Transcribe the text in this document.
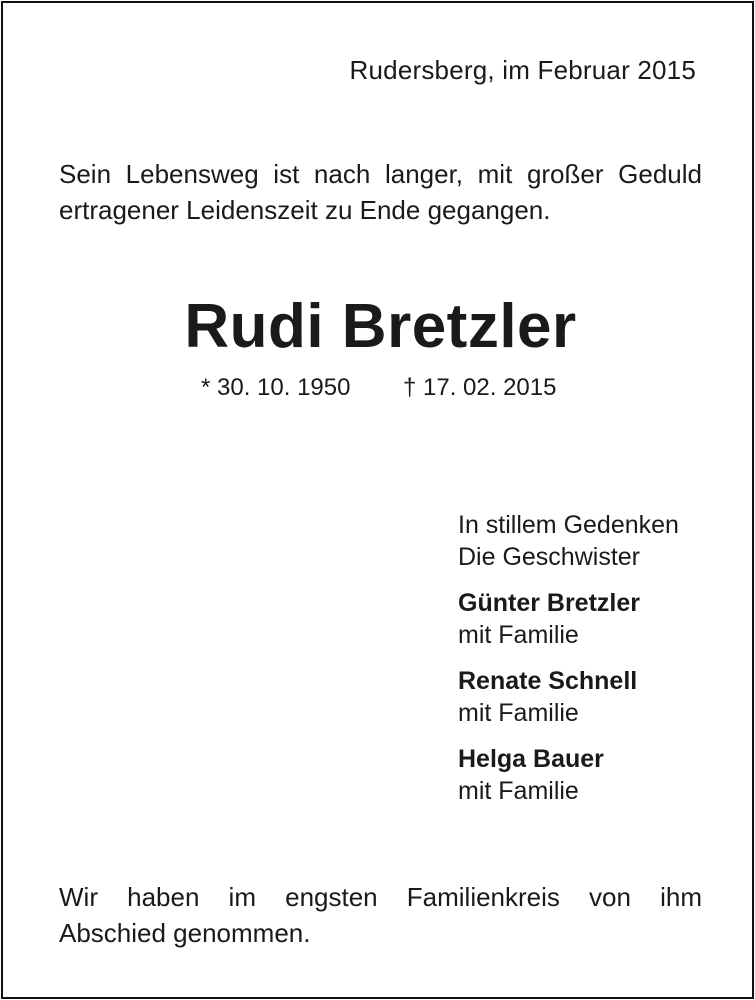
Rudersberg, im Februar 2015
Sein Lebensweg ist nach langer, mit großer Geduld
ertragener Leidenszeit zu Ende gegangen.
Rudi Bretzler
* 30. 10. 1950 † 17. 02. 2015
In stillem Gedenken
Die Geschwister
Günter Bretzler
mit Familie
Renate Schnell
mit Familie
Helga Bauer
mit Familie
Wir haben im engsten Familienkreis von ihm
Abschied genommen.
